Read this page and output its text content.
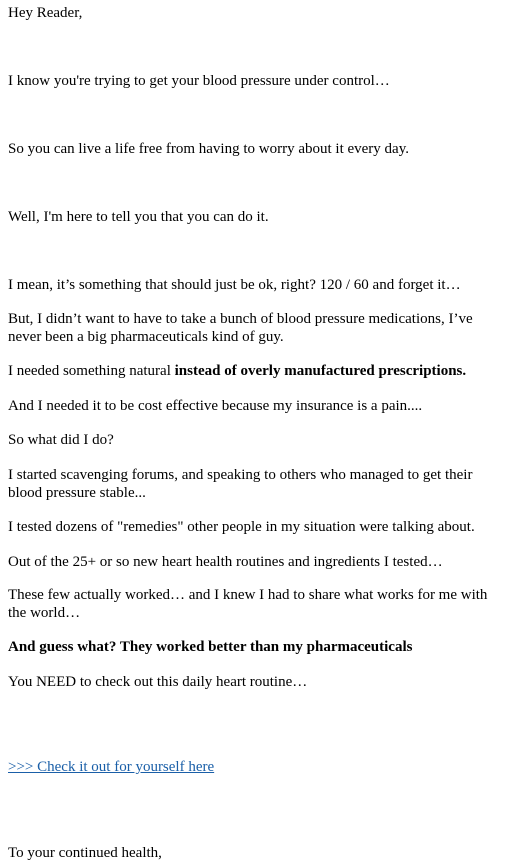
Hey Reader,

I know you're trying to get your blood pressure under control…

So you can live a life free from having to worry about it every day.

Well, I'm here to tell you that you can do it.

I mean, it’s something that should just be ok, right? 120 / 60 and forget it…

But, I didn’t want to have to take a bunch of blood pressure medications, I’ve never been a big pharmaceuticals kind of guy.

I needed something natural instead of overly manufactured prescriptions.

And I needed it to be cost effective because my insurance is a pain....

So what did I do?

I started scavenging forums, and speaking to others who managed to get their blood pressure stable...

I tested dozens of "remedies" other people in my situation were talking about.

Out of the 25+ or so new heart health routines and ingredients I tested…

These few actually worked… and I knew I had to share what works for me with the world…

And guess what? They worked better than my pharmaceuticals

You NEED to check out this daily heart routine…

>>> Check it out for yourself here

To your continued health,
